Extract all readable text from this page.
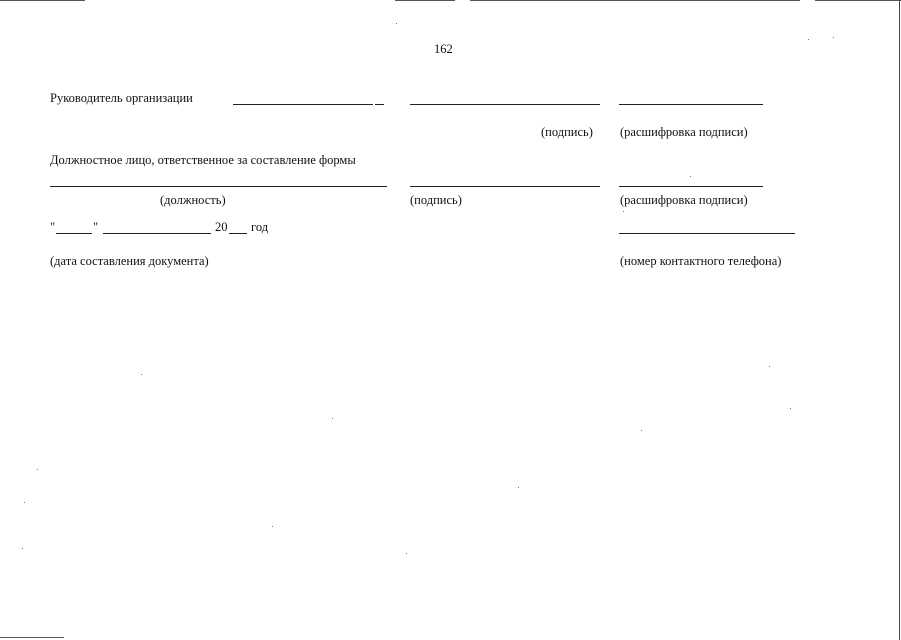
162
Руководитель организации
(подпись) (расшифровка подписи)
Должностное лицо, ответственное за составление формы
(должность)	(подпись)	(расшифровка подписи)
"	"	20 год
(дата составления документа)	(номер контактного телефона)
